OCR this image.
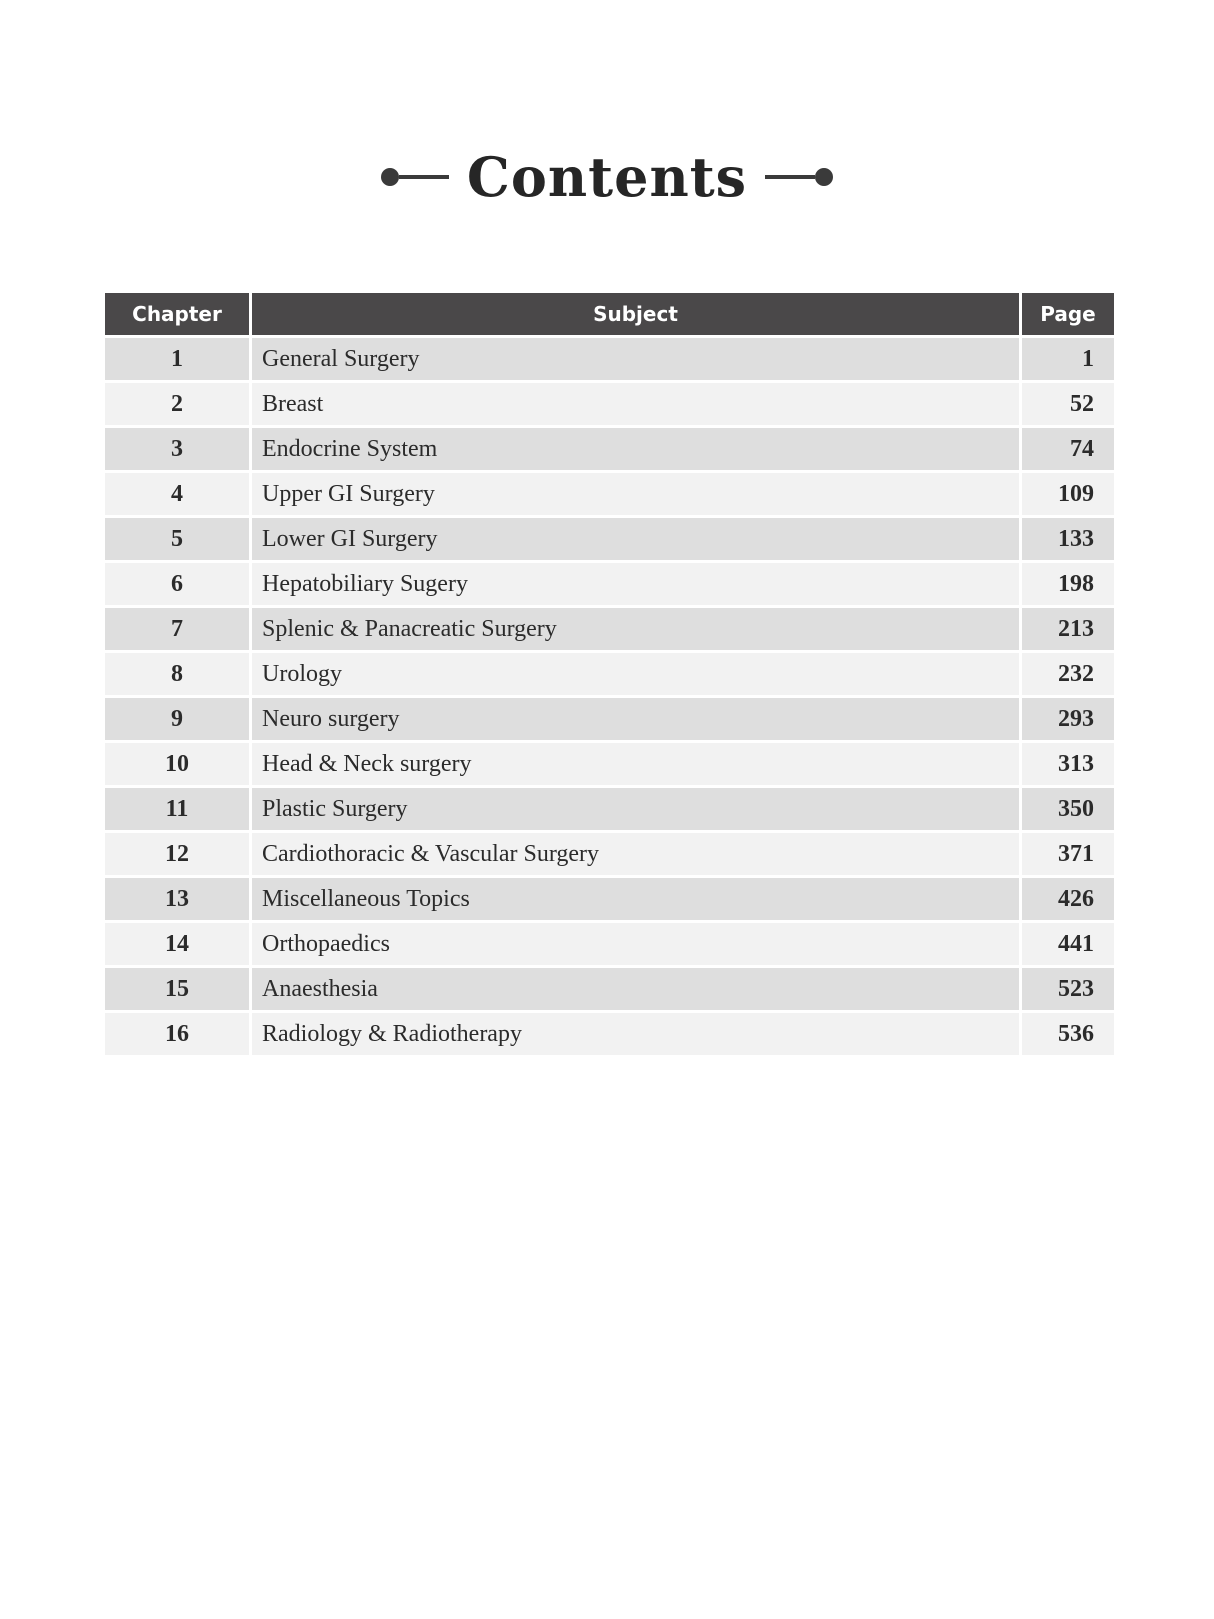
Contents
Chapter	Subject	Page
1	General Surgery	1
2	Breast	52
3	Endocrine System	74
4	Upper GI Surgery	109
5	Lower GI Surgery	133
6	Hepatobiliary Sugery	198
7	Splenic & Panacreatic Surgery	213
8	Urology	232
9	Neuro surgery	293
10	Head & Neck surgery	313
11	Plastic Surgery	350
12	Cardiothoracic & Vascular Surgery	371
13	Miscellaneous Topics	426
14	Orthopaedics	441
15	Anaesthesia	523
16	Radiology & Radiotherapy	536
